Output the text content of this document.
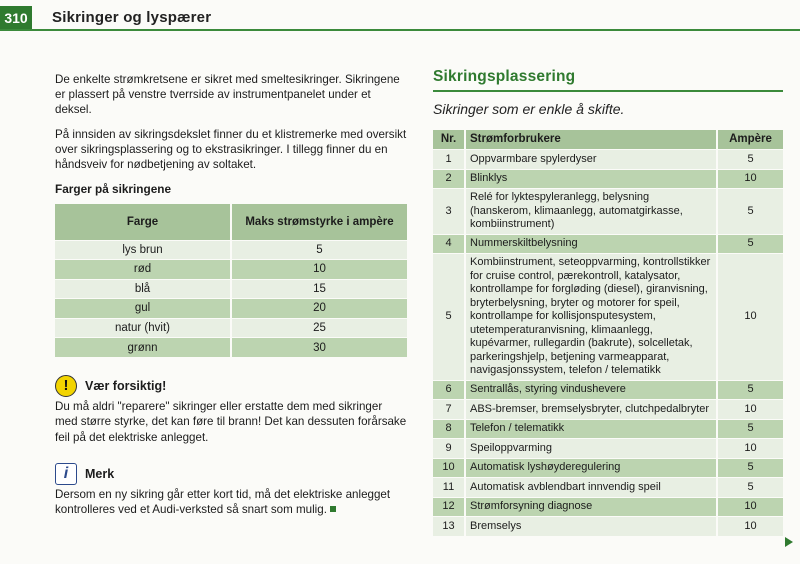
310 Sikringer og lyspærer

De enkelte strømkretsene er sikret med smeltesikringer. Sikringene er plassert på venstre tverrside av instrumentpanelet under et deksel.

På innsiden av sikringsdekslet finner du et klistremerke med oversikt over sikringsplassering og to ekstrasikringer. I tillegg finner du en håndsveiv for nødbetjening av soltaket.

Farger på sikringene
Farge	Maks strømstyrke i ampère
lys brun	5
rød	10
blå	15
gul	20
natur (hvit)	25
grønn	30
!	Vær forsiktig!

Du må aldri "reparere" sikringer eller erstatte dem med sikringer med større styrke, det kan føre til brann! Det kan dessuten forårsake feil på det elektriske anlegget.

i	Merk

Dersom en ny sikring går etter kort tid, må det elektriske anlegget kontrolleres ved et Audi-verksted så snart som mulig.

Sikringsplassering
Sikringer som er enkle å skifte.
Nr.	Strømforbrukere	Ampère
1	Oppvarmbare spylerdyser	5
2	Blinklys	10
3	Relé for lyktespyleranlegg, belysning (hanskerom, klimaanlegg, automatgirkasse, kombiinstrument)	5
4	Nummerskiltbelysning	5
5	Kombiinstrument, seteoppvarming, kontrollstikker for cruise control, pærekontroll, katalysator, kontrollampe for forgløding (diesel), giranvisning, bryterbelysning, bryter og motorer for speil, kontrollampe for kollisjonsputesystem, utetemperaturanvisning, klimaanlegg, kupévarmer, rullegardin (bakrute), solcelletak, parkeringshjelp, betjening varmeapparat, navigasjonssystem, telefon / telematikk	10
6	Sentrallås, styring vindushevere	5
7	ABS-bremser, bremselysbryter, clutchpedalbryter	10
8	Telefon / telematikk	5
9	Speiloppvarming	10
10	Automatisk lyshøyderegulering	5
11	Automatisk avblendbart innvendig speil	5
12	Strømforsyning diagnose	10
13	Bremselys	10
